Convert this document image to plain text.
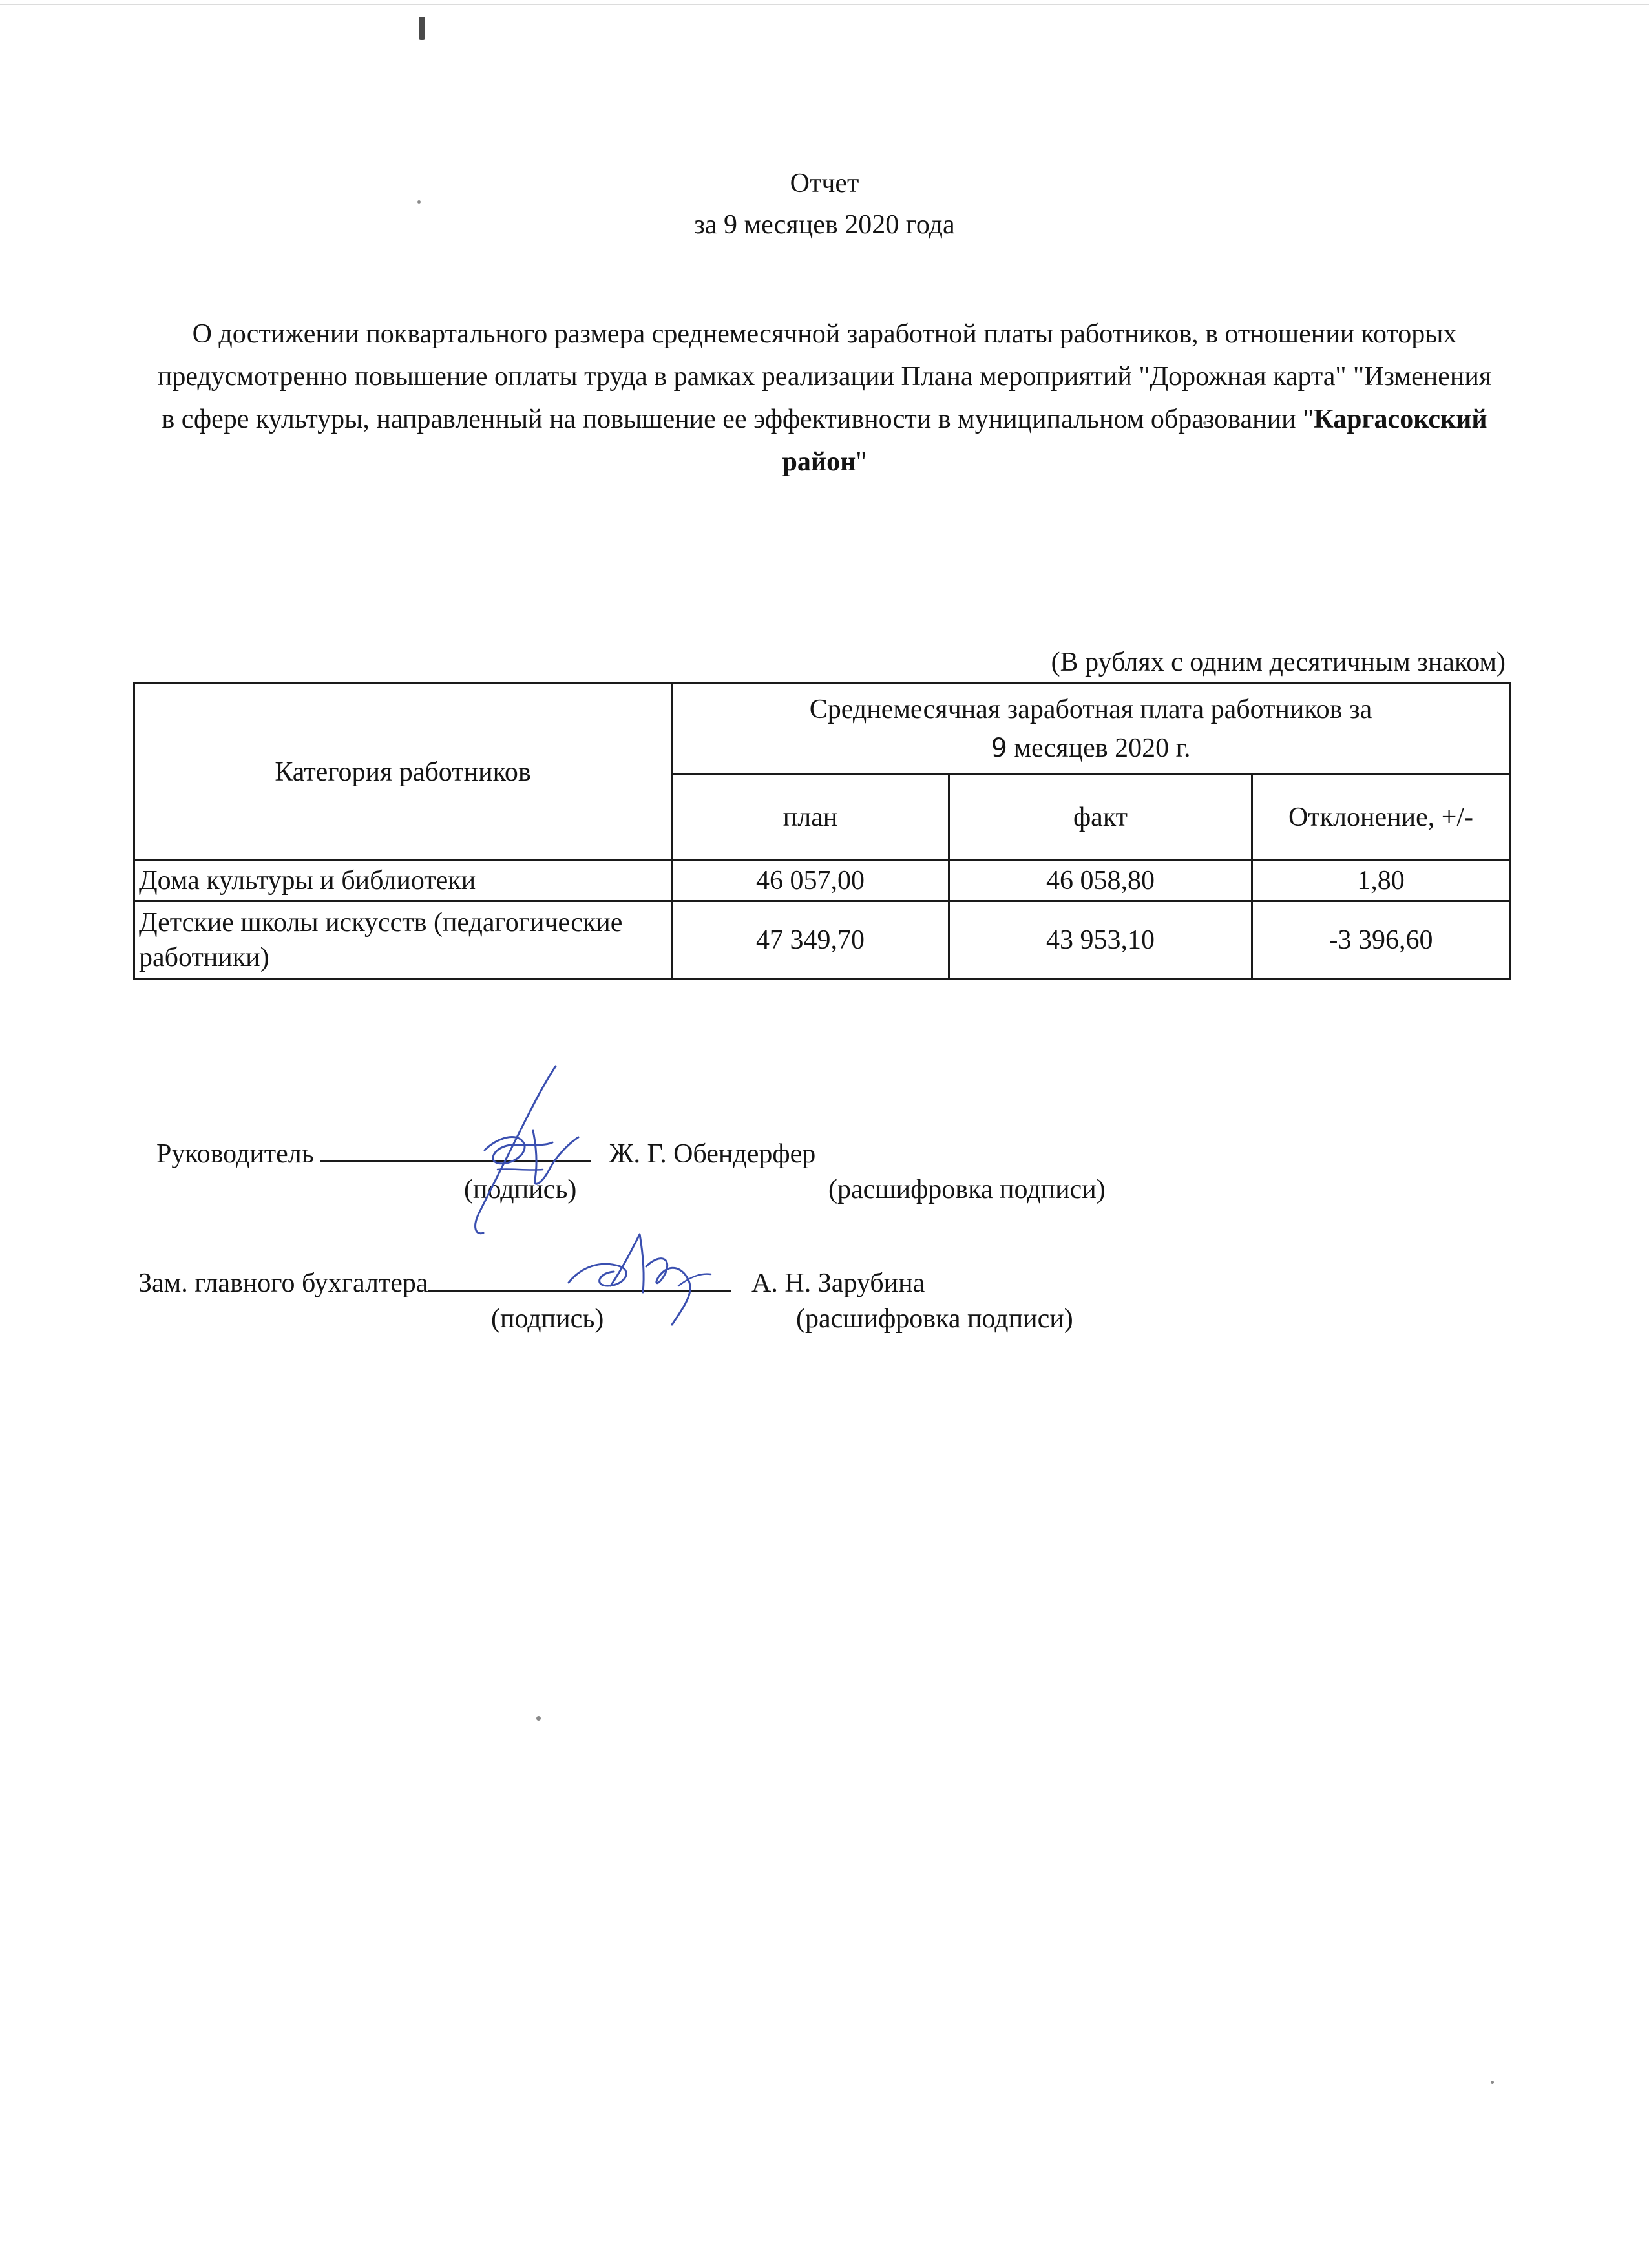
Отчет
за 9 месяцев 2020 года
О достижении поквартального размера среднемесячной заработной платы работников, в отношении которых предусмотренно повышение оплаты труда в рамках реализации Плана мероприятий "Дорожная карта" "Изменения в сфере культуры, направленный на повышение ее эффективности в муниципальном образовании "Каргасокский район"
(В рублях с одним десятичным знаком)
Категория работников	Среднемесячная заработная плата работников за
9 месяцев 2020 г.		

	план	факт	Отклонение, +/-
Дома культуры и библиотеки	46 057,00	46 058,80	1,80
Детские школы искусств (педагогические работники)	47 349,70	43 953,10	-3 396,60
Руководитель	Ж. Г. Обендерфер
(подпись)	(расшифровка подписи)
Зам. главного бухгалтера	А. Н. Зарубина
(подпись)	(расшифровка подписи)
